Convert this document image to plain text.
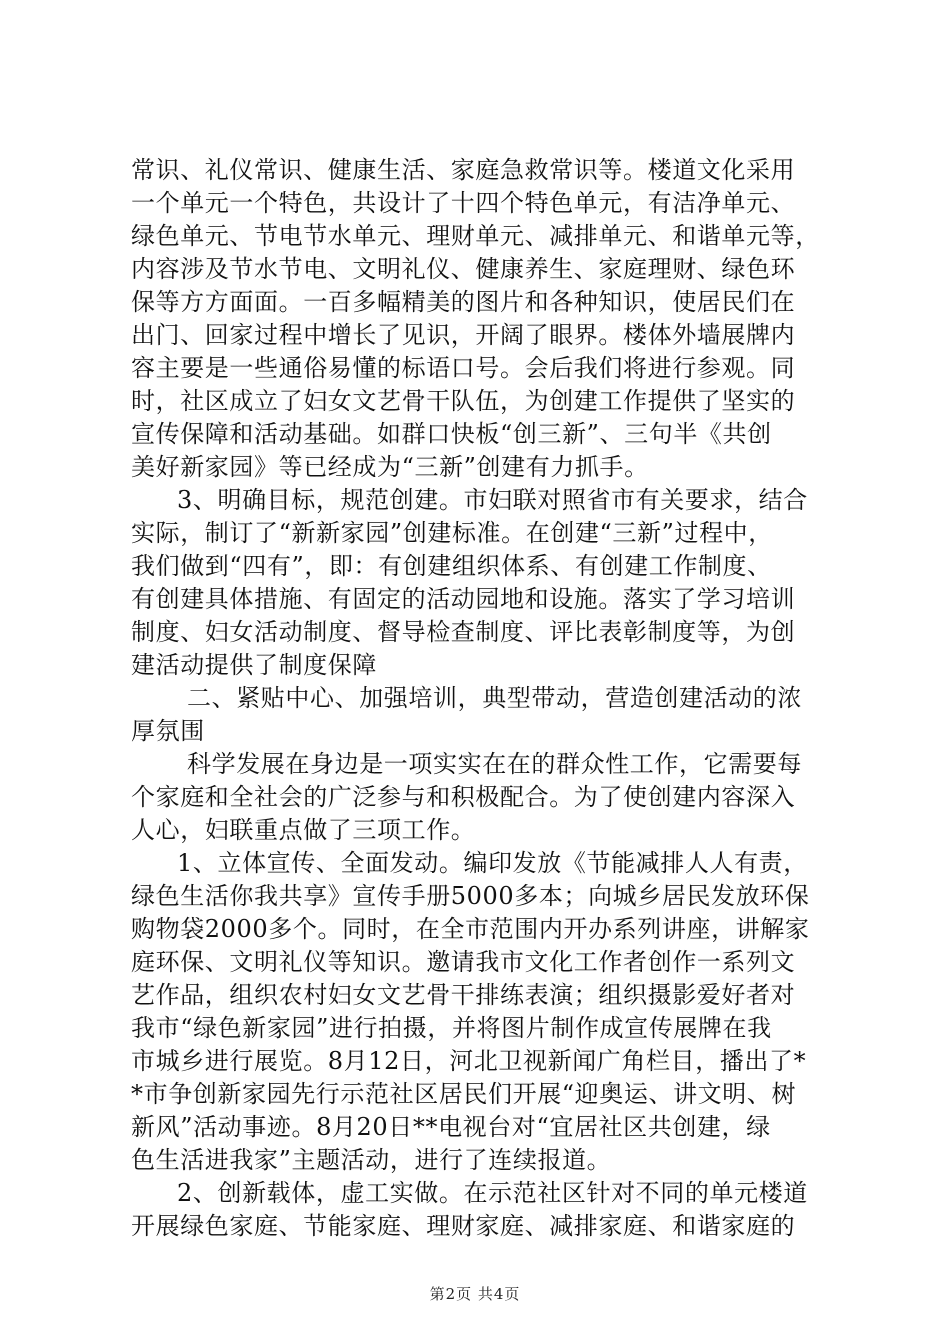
常识、礼仪常识、健康生活、家庭急救常识等。楼道文化采用
一个单元一个特色，共设计了十四个特色单元，有洁净单元、
绿色单元、节电节水单元、理财单元、减排单元、和谐单元等，
内容涉及节水节电、文明礼仪、健康养生、家庭理财、绿色环
保等方方面面。一百多幅精美的图片和各种知识，使居民们在
出门、回家过程中增长了见识，开阔了眼界。楼体外墙展牌内
容主要是一些通俗易懂的标语口号。会后我们将进行参观。同
时，社区成立了妇女文艺骨干队伍，为创建工作提供了坚实的
宣传保障和活动基础。如群口快板“创三新”、三句半《共创
美好新家园》等已经成为“三新”创建有力抓手。
3、明确目标，规范创建。市妇联对照省市有关要求，结合
实际，制订了“新新家园”创建标准。在创建“三新”过程中，
我们做到“四有”，即：有创建组织体系、有创建工作制度、
有创建具体措施、有固定的活动园地和设施。落实了学习培训
制度、妇女活动制度、督导检查制度、评比表彰制度等，为创
建活动提供了制度保障
二、紧贴中心、加强培训，典型带动，营造创建活动的浓
厚氛围
科学发展在身边是一项实实在在的群众性工作，它需要每
个家庭和全社会的广泛参与和积极配合。为了使创建内容深入
人心，妇联重点做了三项工作。
1、立体宣传、全面发动。编印发放《节能减排人人有责，
绿色生活你我共享》宣传手册5000多本；向城乡居民发放环保
购物袋2000多个。同时，在全市范围内开办系列讲座，讲解家
庭环保、文明礼仪等知识。邀请我市文化工作者创作一系列文
艺作品，组织农村妇女文艺骨干排练表演；组织摄影爱好者对
我市“绿色新家园”进行拍摄，并将图片制作成宣传展牌在我
市城乡进行展览。8月12日，河北卫视新闻广角栏目，播出了*
*市争创新家园先行示范社区居民们开展“迎奥运、讲文明、树
新风”活动事迹。8月20日**电视台对“宜居社区共创建，绿
色生活进我家”主题活动，进行了连续报道。
2、创新载体，虚工实做。在示范社区针对不同的单元楼道
开展绿色家庭、节能家庭、理财家庭、减排家庭、和谐家庭的
第2页 共4页
